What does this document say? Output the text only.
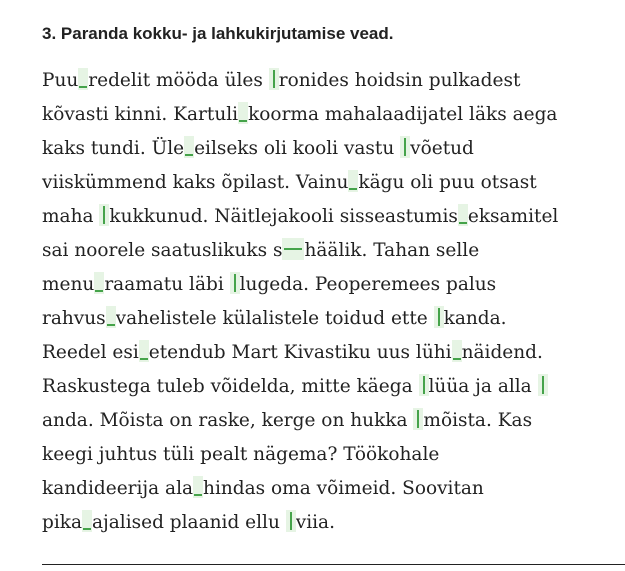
3. Paranda kokku- ja lahkukirjutamise vead.
Puu redelit mööda üles ronides hoidsin pulkadest
kõvasti kinni. Kartuli koorma mahalaadijatel läks aega
kaks tundi. Üle eilseks oli kooli vastu võetud
viiskümmend kaks õpilast. Vainu kägu oli puu otsast
maha kukkunud. Näitlejakooli sisseastumis eksamitel
sai noorele saatuslikuks s häälik. Tahan selle
menu raamatu läbi lugeda. Peoperemees palus
rahvus vahelistele külalistele toidud ette kanda.
Reedel esi etendub Mart Kivastiku uus lühi näidend.
Raskustega tuleb võidelda, mitte käega lüüa ja alla
anda. Mõista on raske, kerge on hukka mõista. Kas
keegi juhtus tüli pealt nägema? Töökohale
kandideerija ala hindas oma võimeid. Soovitan
pika ajalised plaanid ellu viia.
